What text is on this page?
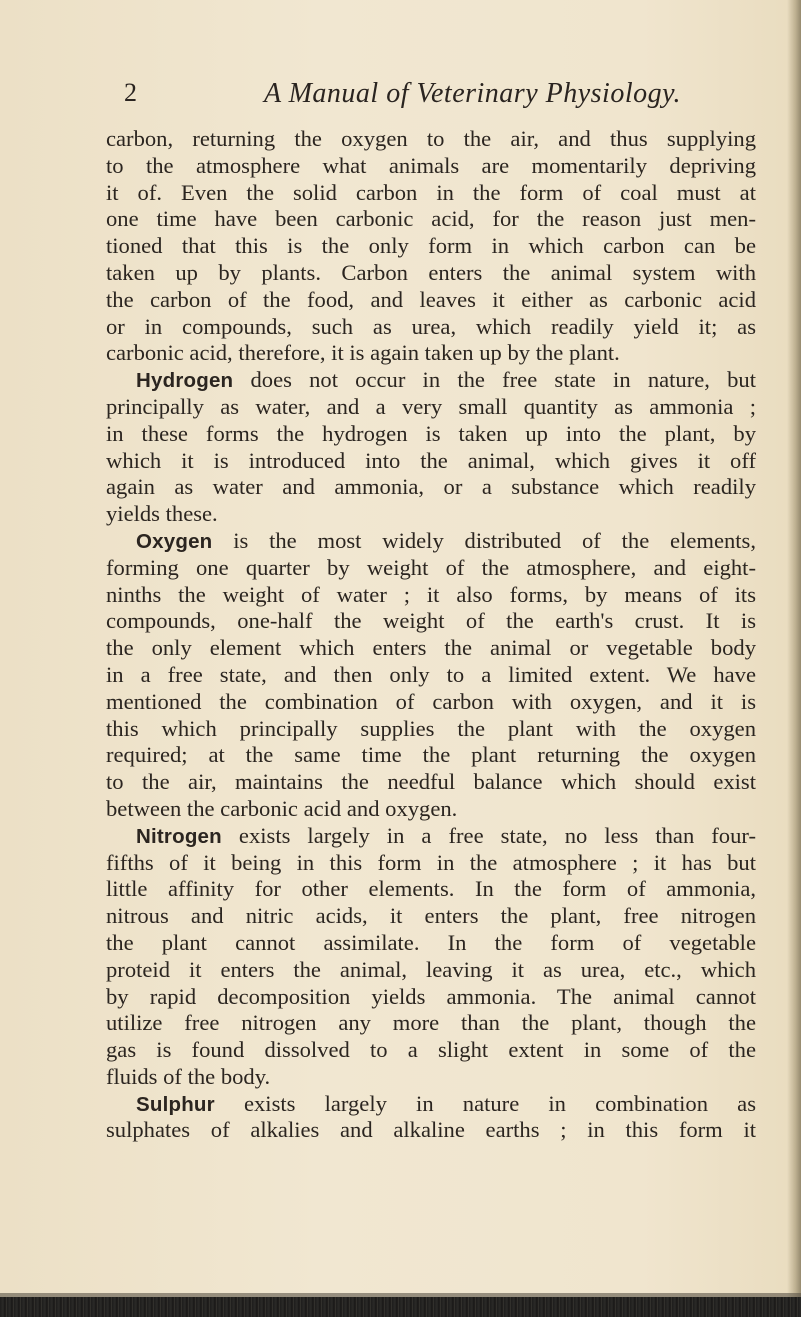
2	A Manual of Veterinary Physiology.
carbon, returning the oxygen to the air, and thus supplying
to the atmosphere what animals are momentarily depriving
it of. Even the solid carbon in the form of coal must at
one time have been carbonic acid, for the reason just men-
tioned that this is the only form in which carbon can be
taken up by plants. Carbon enters the animal system with
the carbon of the food, and leaves it either as carbonic acid
or in compounds, such as urea, which readily yield it; as
carbonic acid, therefore, it is again taken up by the plant.
Hydrogen does not occur in the free state in nature, but
principally as water, and a very small quantity as ammonia ;
in these forms the hydrogen is taken up into the plant, by
which it is introduced into the animal, which gives it off
again as water and ammonia, or a substance which readily
yields these.
Oxygen is the most widely distributed of the elements,
forming one quarter by weight of the atmosphere, and eight-
ninths the weight of water ; it also forms, by means of its
compounds, one-half the weight of the earth's crust. It is
the only element which enters the animal or vegetable body
in a free state, and then only to a limited extent. We have
mentioned the combination of carbon with oxygen, and it is
this which principally supplies the plant with the oxygen
required; at the same time the plant returning the oxygen
to the air, maintains the needful balance which should exist
between the carbonic acid and oxygen.
Nitrogen exists largely in a free state, no less than four-
fifths of it being in this form in the atmosphere ; it has but
little affinity for other elements. In the form of ammonia,
nitrous and nitric acids, it enters the plant, free nitrogen
the plant cannot assimilate. In the form of vegetable
proteid it enters the animal, leaving it as urea, etc., which
by rapid decomposition yields ammonia. The animal cannot
utilize free nitrogen any more than the plant, though the
gas is found dissolved to a slight extent in some of the
fluids of the body.
Sulphur exists largely in nature in combination as
sulphates of alkalies and alkaline earths ; in this form it
